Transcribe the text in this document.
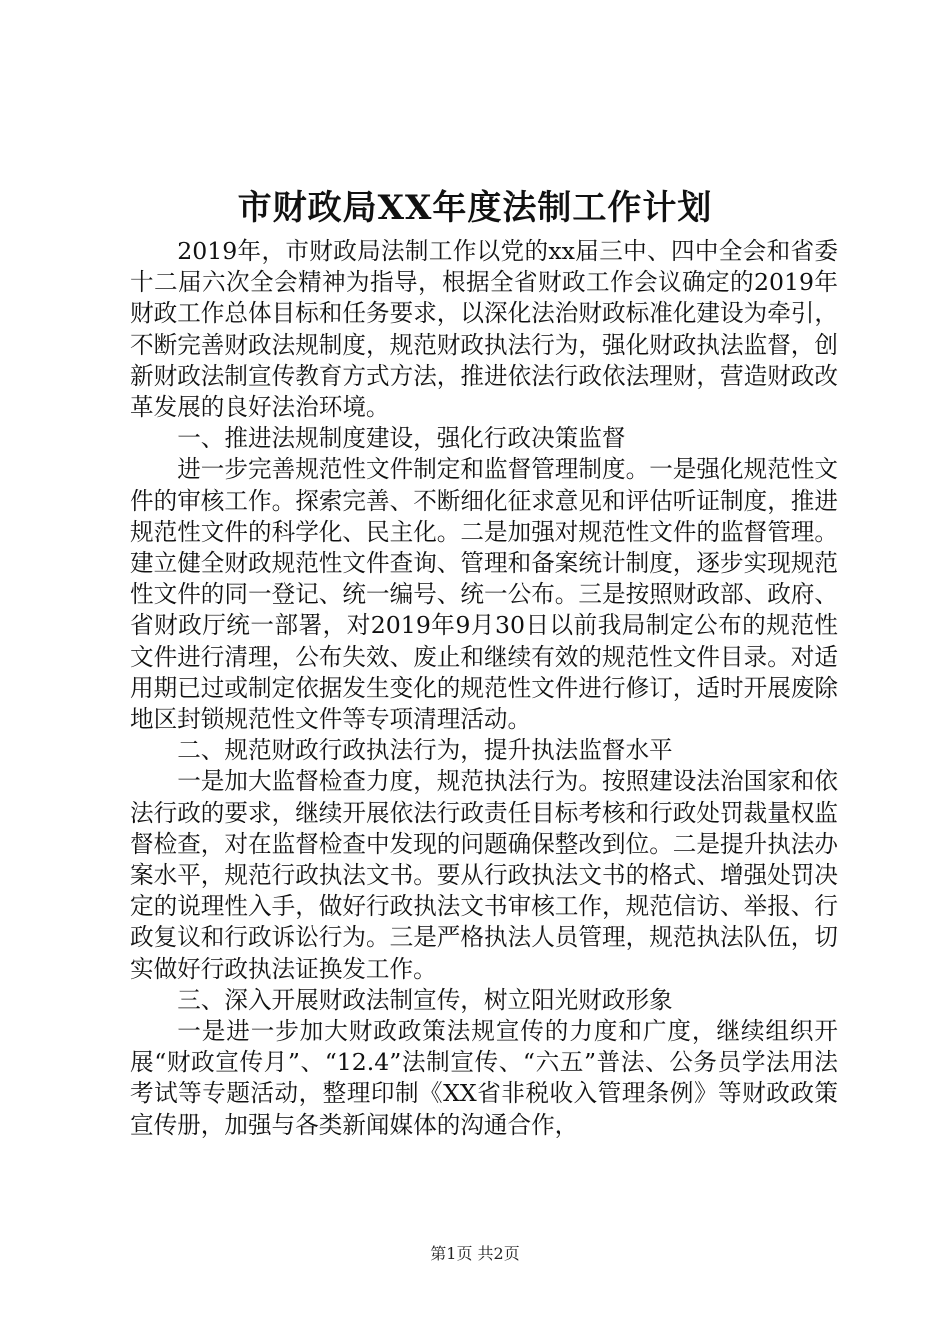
市财政局XX年度法制工作计划

2019年，市财政局法制工作以党的xx届三中、四中全会和省委十二届六次全会精神为指导，根据全省财政工作会议确定的2019年财政工作总体目标和任务要求，以深化法治财政标准化建设为牵引，不断完善财政法规制度，规范财政执法行为，强化财政执法监督，创新财政法制宣传教育方式方法，推进依法行政依法理财，营造财政改革发展的良好法治环境。

一、推进法规制度建设，强化行政决策监督

进一步完善规范性文件制定和监督管理制度。一是强化规范性文件的审核工作。探索完善、不断细化征求意见和评估听证制度，推进规范性文件的科学化、民主化。二是加强对规范性文件的监督管理。建立健全财政规范性文件查询、管理和备案统计制度，逐步实现规范性文件的同一登记、统一编号、统一公布。三是按照财政部、政府、省财政厅统一部署，对2019年9月30日以前我局制定公布的规范性文件进行清理，公布失效、废止和继续有效的规范性文件目录。对适用期已过或制定依据发生变化的规范性文件进行修订，适时开展废除地区封锁规范性文件等专项清理活动。

二、规范财政行政执法行为，提升执法监督水平

一是加大监督检查力度，规范执法行为。按照建设法治国家和依法行政的要求，继续开展依法行政责任目标考核和行政处罚裁量权监督检查，对在监督检查中发现的问题确保整改到位。二是提升执法办案水平，规范行政执法文书。要从行政执法文书的格式、增强处罚决定的说理性入手，做好行政执法文书审核工作，规范信访、举报、行政复议和行政诉讼行为。三是严格执法人员管理，规范执法队伍，切实做好行政执法证换发工作。

三、深入开展财政法制宣传，树立阳光财政形象

一是进一步加大财政政策法规宣传的力度和广度，继续组织开展“财政宣传月”、“12.4”法制宣传、“六五”普法、公务员学法用法考试等专题活动，整理印制《XX省非税收入管理条例》等财政政策宣传册，加强与各类新闻媒体的沟通合作，

第1页 共2页
